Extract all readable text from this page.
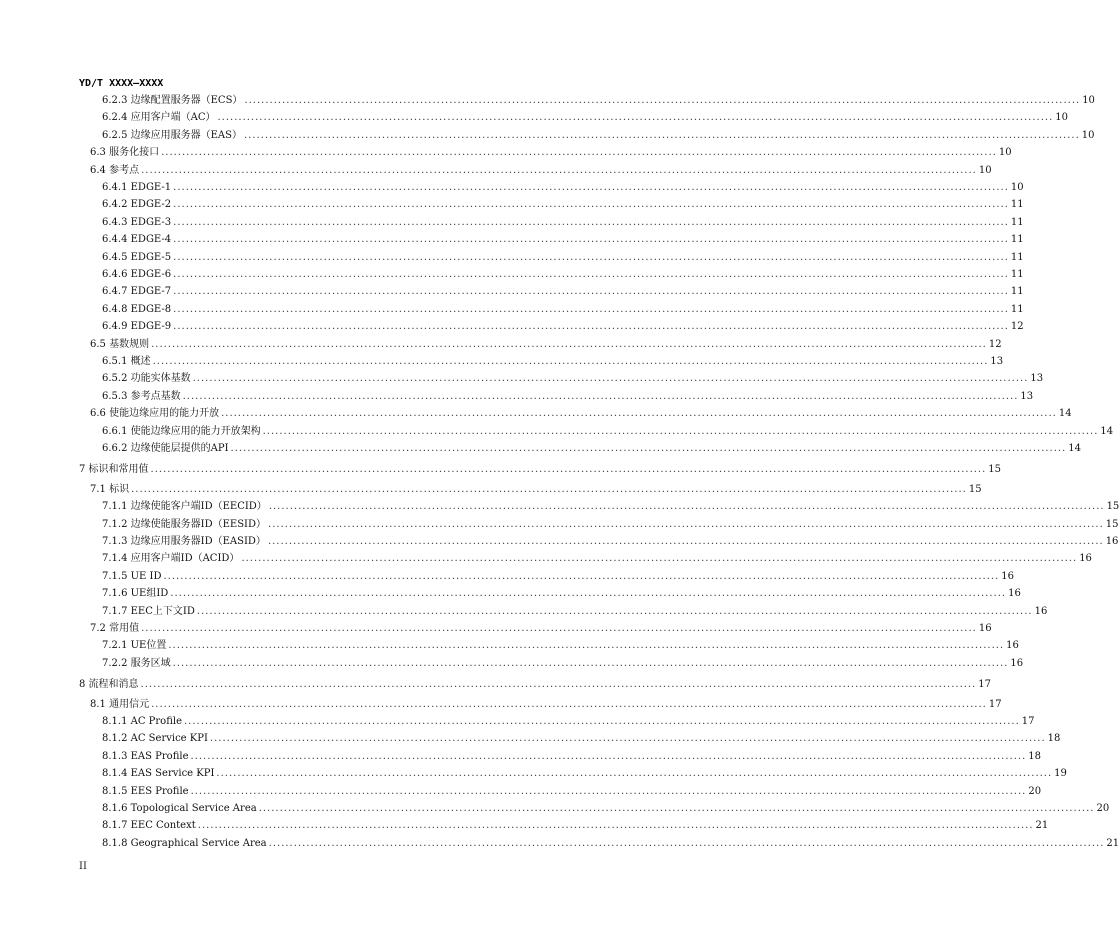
YD/T XXXX—XXXX
6.2.3 边缘配置服务器（ECS） ........................................................................................................................................................................................................ 10
6.2.4 应用客户端（AC） ........................................................................................................................................................................................................ 10
6.2.5 边缘应用服务器（EAS） ........................................................................................................................................................................................................ 10
6.3 服务化接口 ........................................................................................................................................................................................................ 10
6.4 参考点 ........................................................................................................................................................................................................ 10
6.4.1 EDGE-1 ........................................................................................................................................................................................................ 10
6.4.2 EDGE-2 ........................................................................................................................................................................................................ 11
6.4.3 EDGE-3 ........................................................................................................................................................................................................ 11
6.4.4 EDGE-4 ........................................................................................................................................................................................................ 11
6.4.5 EDGE-5 ........................................................................................................................................................................................................ 11
6.4.6 EDGE-6 ........................................................................................................................................................................................................ 11
6.4.7 EDGE-7 ........................................................................................................................................................................................................ 11
6.4.8 EDGE-8 ........................................................................................................................................................................................................ 11
6.4.9 EDGE-9 ........................................................................................................................................................................................................ 12
6.5 基数规则 ........................................................................................................................................................................................................ 12
6.5.1 概述 ........................................................................................................................................................................................................ 13
6.5.2 功能实体基数 ........................................................................................................................................................................................................ 13
6.5.3 参考点基数 ........................................................................................................................................................................................................ 13
6.6 使能边缘应用的能力开放 ........................................................................................................................................................................................................ 14
6.6.1 使能边缘应用的能力开放架构 ........................................................................................................................................................................................................ 14
6.6.2 边缘使能层提供的API ........................................................................................................................................................................................................ 14
7 标识和常用值 ........................................................................................................................................................................................................ 15
7.1 标识 ........................................................................................................................................................................................................ 15
7.1.1 边缘使能客户端ID（EECID） ........................................................................................................................................................................................................ 15
7.1.2 边缘使能服务器ID（EESID） ........................................................................................................................................................................................................ 15
7.1.3 边缘应用服务器ID（EASID） ........................................................................................................................................................................................................ 16
7.1.4 应用客户端ID（ACID） ........................................................................................................................................................................................................ 16
7.1.5 UE ID ........................................................................................................................................................................................................ 16
7.1.6 UE组ID ........................................................................................................................................................................................................ 16
7.1.7 EEC上下文ID ........................................................................................................................................................................................................ 16
7.2 常用值 ........................................................................................................................................................................................................ 16
7.2.1 UE位置 ........................................................................................................................................................................................................ 16
7.2.2 服务区域 ........................................................................................................................................................................................................ 16
8 流程和消息 ........................................................................................................................................................................................................ 17
8.1 通用信元 ........................................................................................................................................................................................................ 17
8.1.1 AC Profile ........................................................................................................................................................................................................ 17
8.1.2 AC Service KPI ........................................................................................................................................................................................................ 18
8.1.3 EAS Profile ........................................................................................................................................................................................................ 18
8.1.4 EAS Service KPI ........................................................................................................................................................................................................ 19
8.1.5 EES Profile ........................................................................................................................................................................................................ 20
8.1.6 Topological Service Area ........................................................................................................................................................................................................ 20
8.1.7 EEC Context ........................................................................................................................................................................................................ 21
8.1.8 Geographical Service Area ........................................................................................................................................................................................................ 21
II
